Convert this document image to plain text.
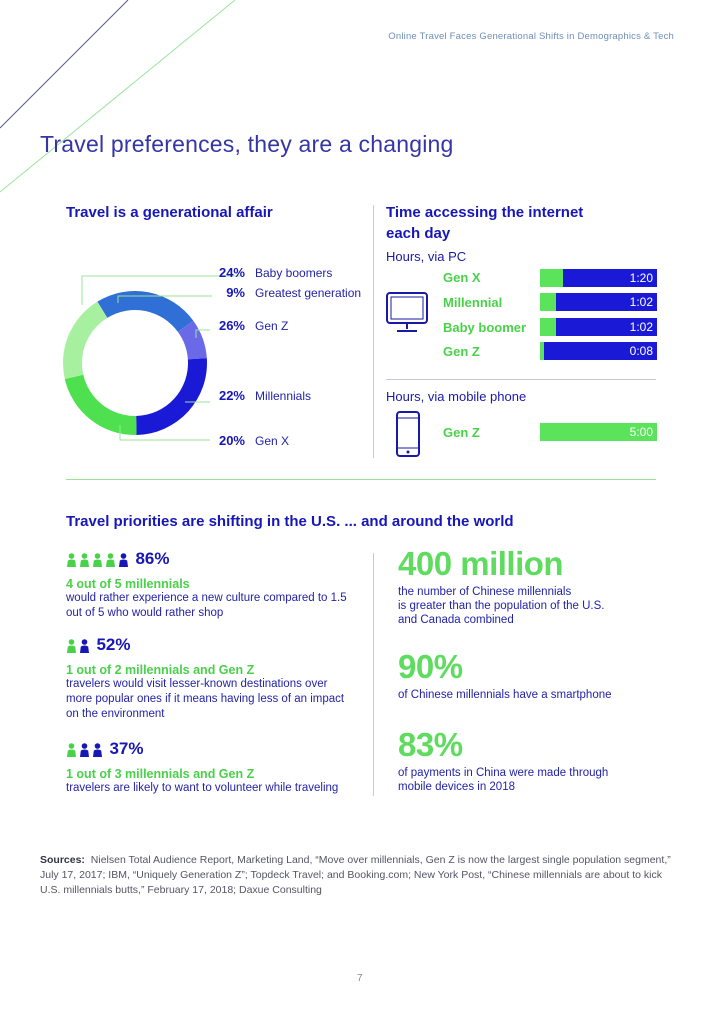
Online Travel Faces Generational Shifts in Demographics & Tech
Travel preferences, they are a changing
Travel is a generational affair
24% Baby boomers
9% Greatest generation
26% Gen Z
22% Millennials
20% Gen X
Time accessing the internet
each day
Hours, via PC
Gen X	1:20
Millennial	1:02
Baby boomer	1:02
Gen Z	0:08
Hours, via mobile phone
Gen Z	5:00
Travel priorities are shifting in the U.S. ... and around the world
86%
4 out of 5 millennials
would rather experience a new culture compared to 1.5
out of 5 who would rather shop
52%
1 out of 2 millennials and Gen Z
travelers would visit lesser-known destinations over
more popular ones if it means having less of an impact
on the environment
37%
1 out of 3 millennials and Gen Z
travelers are likely to want to volunteer while traveling
400 million
the number of Chinese millennials
is greater than the population of the U.S.
and Canada combined
90%
of Chinese millennials have a smartphone
83%
of payments in China were made through
mobile devices in 2018
Sources: Nielsen Total Audience Report, Marketing Land, “Move over millennials, Gen Z is now the largest single population segment,” July 17, 2017; IBM, “Uniquely Generation Z”; Topdeck Travel; and Booking.com; New York Post, “Chinese millennials are about to kick U.S. millennials butts,” February 17, 2018; Daxue Consulting
7
